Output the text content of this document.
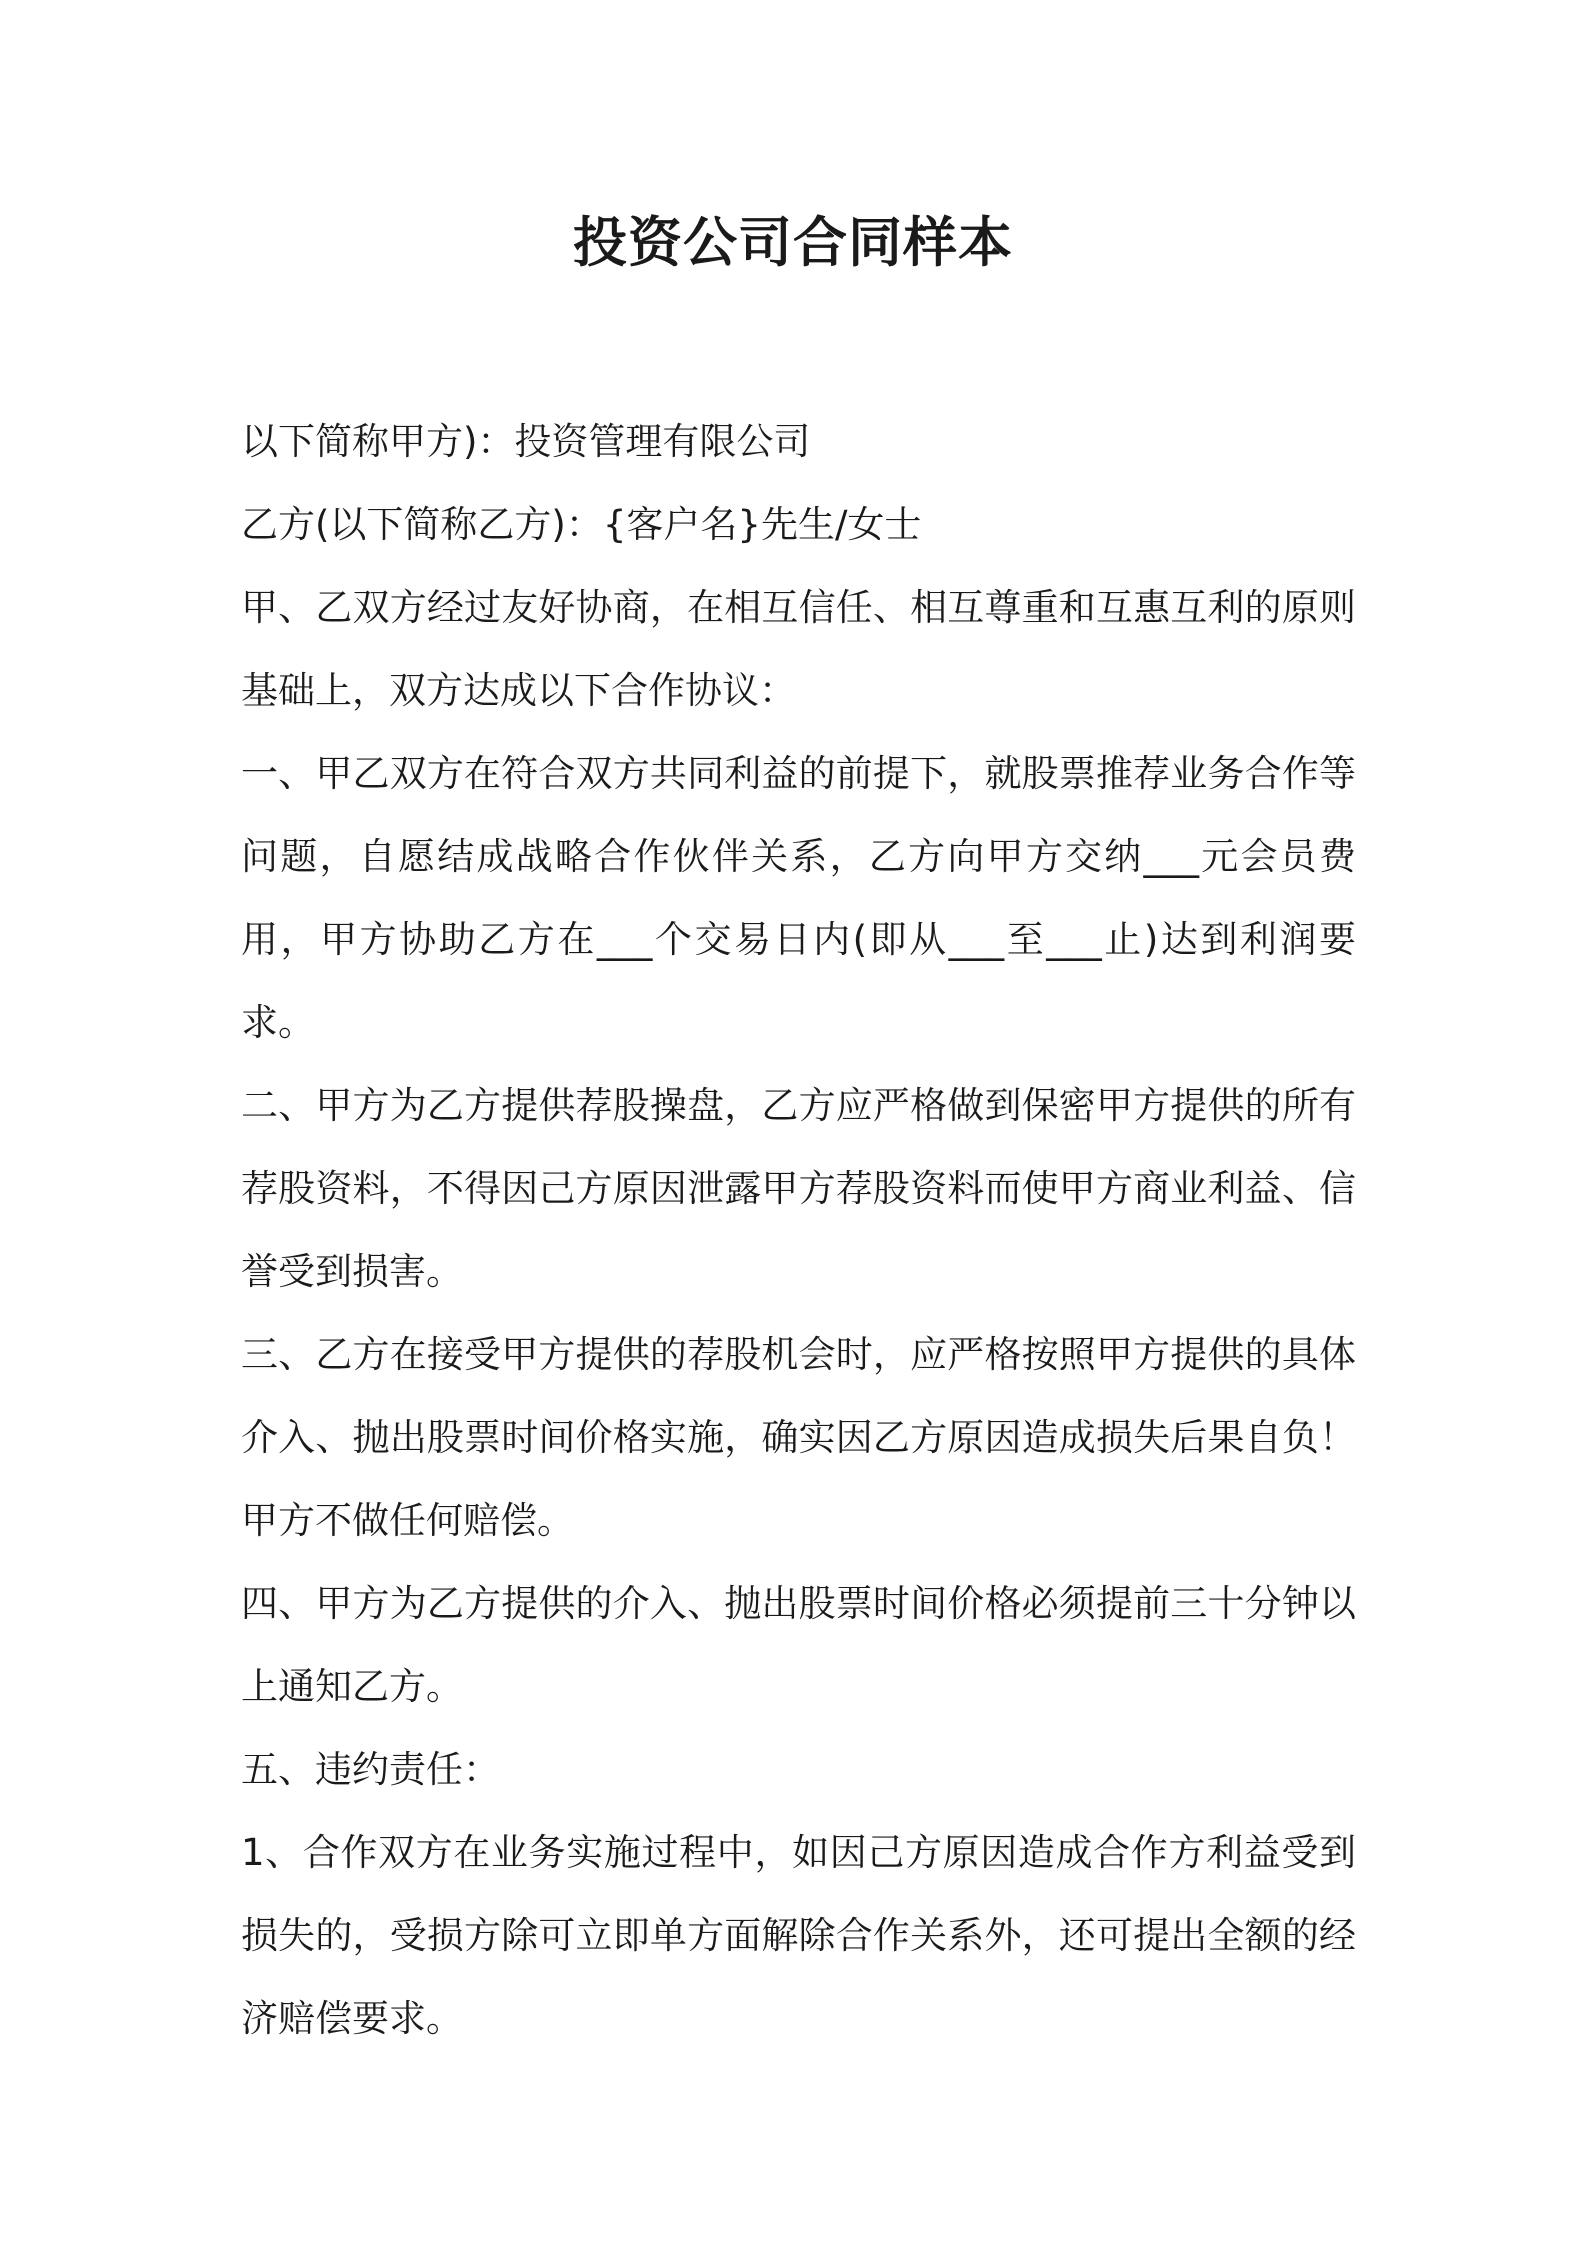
投资公司合同样本

以下简称甲方)：投资管理有限公司

乙方(以下简称乙方)：{客户名}先生/女士

甲、乙双方经过友好协商，在相互信任、相互尊重和互惠互利的原则基础上，双方达成以下合作协议：

一、甲乙双方在符合双方共同利益的前提下，就股票推荐业务合作等问题，自愿结成战略合作伙伴关系，乙方向甲方交纳___元会员费用，甲方协助乙方在___个交易日内(即从___至___止)达到利润要求。

二、甲方为乙方提供荐股操盘，乙方应严格做到保密甲方提供的所有荐股资料，不得因己方原因泄露甲方荐股资料而使甲方商业利益、信誉受到损害。

三、乙方在接受甲方提供的荐股机会时，应严格按照甲方提供的具体介入、抛出股票时间价格实施，确实因乙方原因造成损失后果自负！甲方不做任何赔偿。

四、甲方为乙方提供的介入、抛出股票时间价格必须提前三十分钟以上通知乙方。

五、违约责任：

1、合作双方在业务实施过程中，如因己方原因造成合作方利益受到损失的，受损方除可立即单方面解除合作关系外，还可提出全额的经济赔偿要求。
